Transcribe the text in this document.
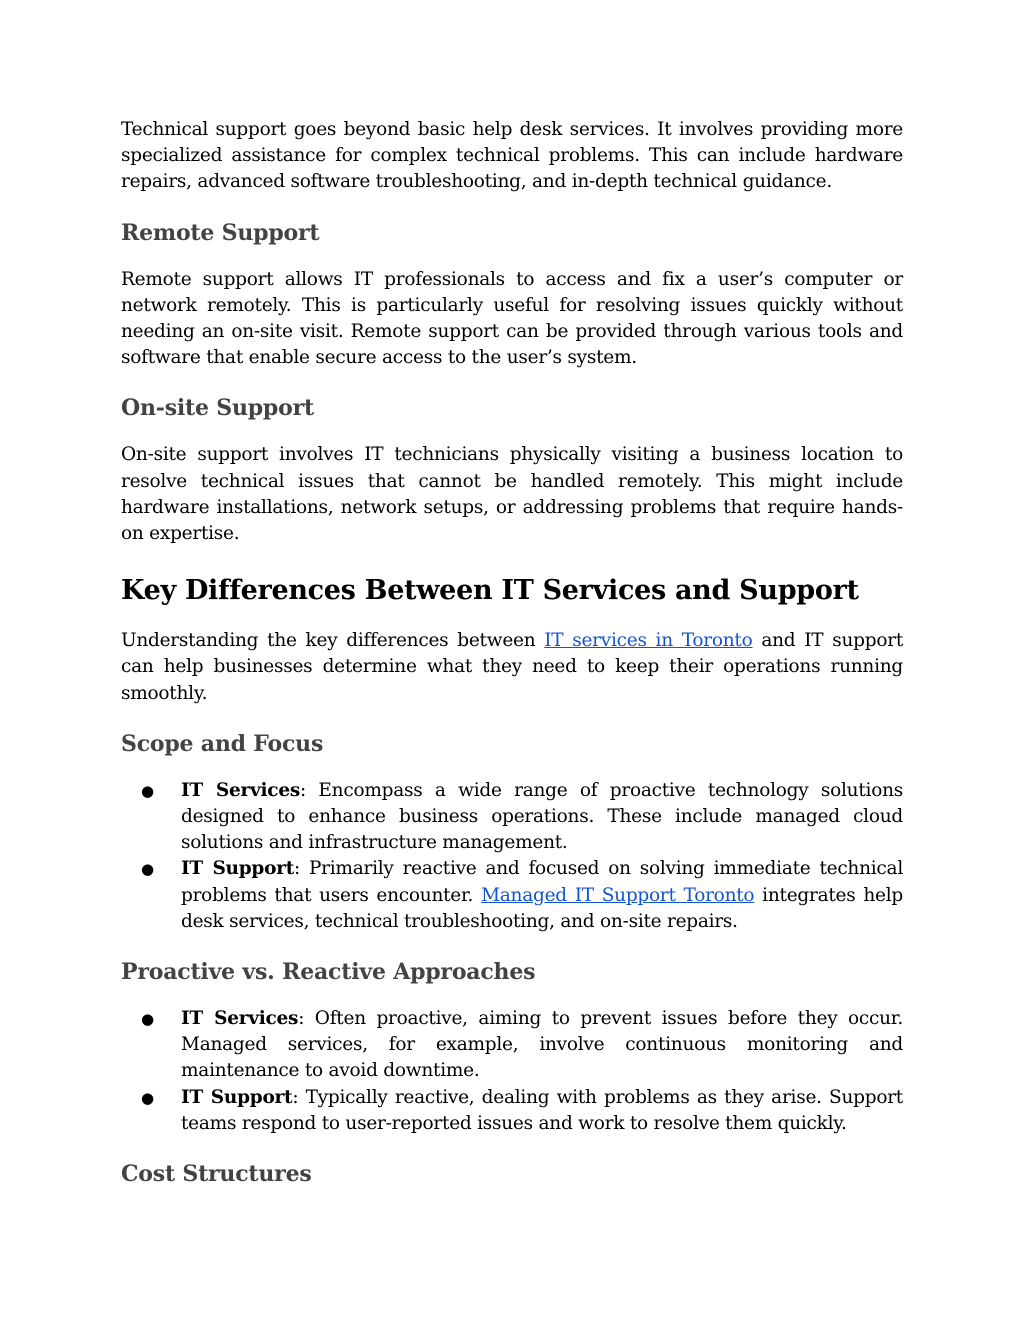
Technical support goes beyond basic help desk services. It involves providing more specialized assistance for complex technical problems. This can include hardware repairs, advanced software troubleshooting, and in-depth technical guidance.

Remote Support

Remote support allows IT professionals to access and fix a user’s computer or network remotely. This is particularly useful for resolving issues quickly without needing an on-site visit. Remote support can be provided through various tools and software that enable secure access to the user’s system.

On-site Support

On-site support involves IT technicians physically visiting a business location to resolve technical issues that cannot be handled remotely. This might include hardware installations, network setups, or addressing problems that require hands-on expertise.

Key Differences Between IT Services and Support

Understanding the key differences between IT services in Toronto and IT support can help businesses determine what they need to keep their operations running smoothly.

Scope and Focus
● IT Services: Encompass a wide range of proactive technology solutions designed to enhance business operations. These include managed cloud solutions and infrastructure management.
● IT Support: Primarily reactive and focused on solving immediate technical problems that users encounter. Managed IT Support Toronto integrates help desk services, technical troubleshooting, and on-site repairs.
Proactive vs. Reactive Approaches
● IT Services: Often proactive, aiming to prevent issues before they occur. Managed services, for example, involve continuous monitoring and maintenance to avoid downtime.
● IT Support: Typically reactive, dealing with problems as they arise. Support teams respond to user-reported issues and work to resolve them quickly.
Cost Structures
